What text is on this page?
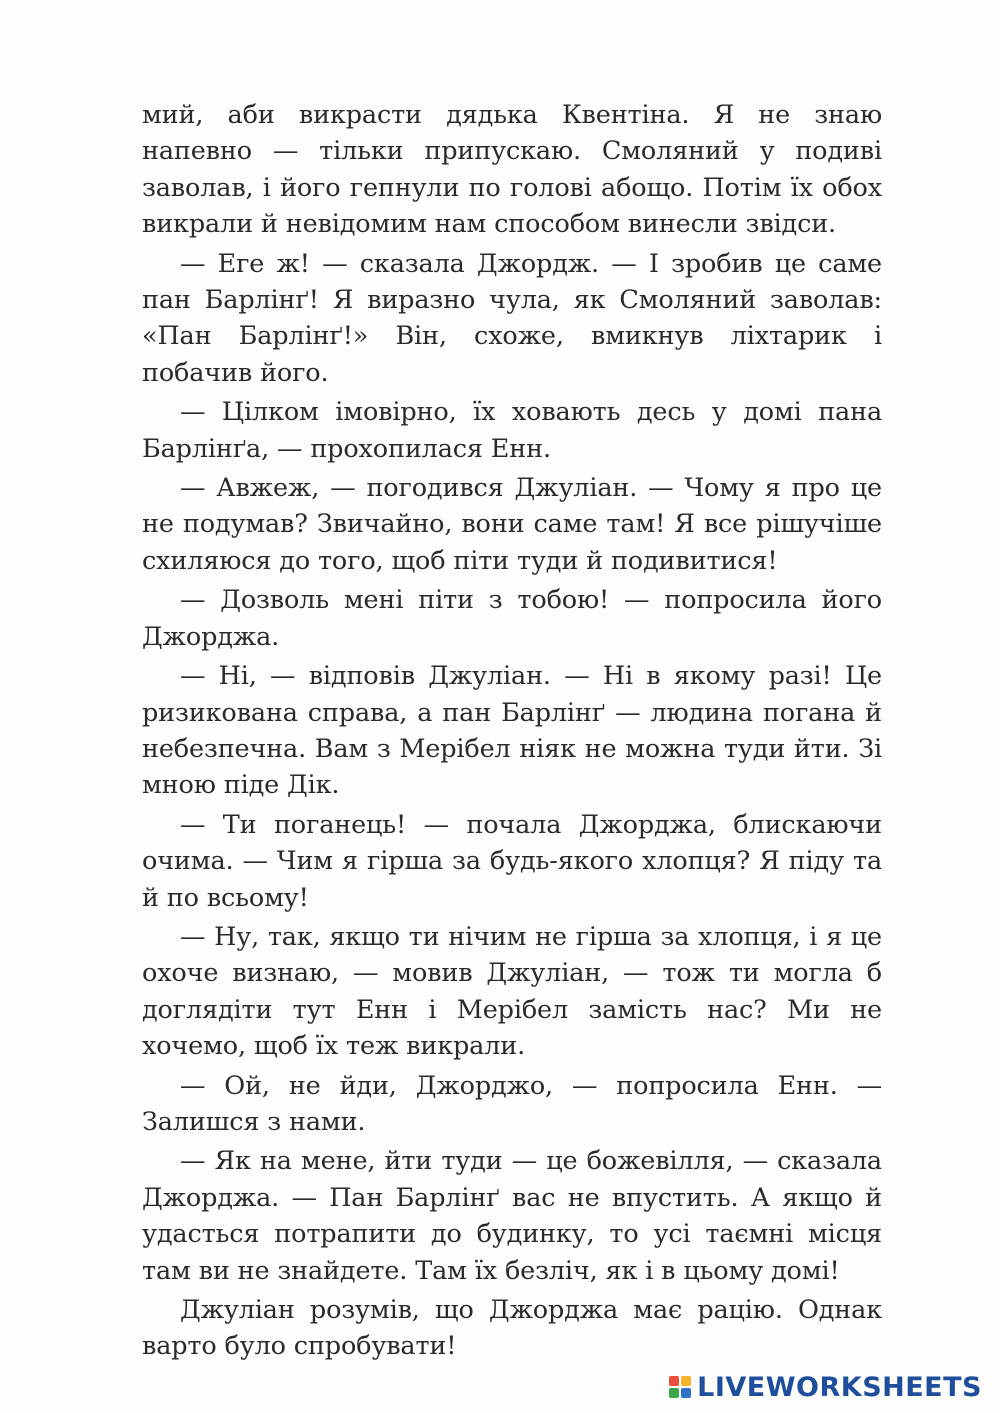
мий, аби викрасти дядька Квентіна. Я не знаю напевно — тільки припускаю. Смоляний у подиві заволав, і його гепнули по голові абощо. Потім їх обох викрали й невідомим нам способом винесли звідси.

— Еге ж! — сказала Джордж. — І зробив це саме пан Барлінґ! Я виразно чула, як Смоляний заволав: «Пан Барлінґ!» Він, схоже, вмикнув ліхтарик і побачив його.

— Цілком імовірно, їх ховають десь у домі пана Барлінґа, — прохопилася Енн.

— Авжеж, — погодився Джуліан. — Чому я про це не подумав? Звичайно, вони саме там! Я все рішучіше схиляюся до того, щоб піти туди й подивитися!

— Дозволь мені піти з тобою! — попросила його Джорджа.

— Ні, — відповів Джуліан. — Ні в якому разі! Це ризикована справа, а пан Барлінґ — людина погана й небезпечна. Вам з Мерібел ніяк не можна туди йти. Зі мною піде Дік.

— Ти поганець! — почала Джорджа, блискаючи очима. — Чим я гірша за будь-якого хлопця? Я піду та й по всьому!

— Ну, так, якщо ти нічим не гірша за хлопця, і я це охоче визнаю, — мовив Джуліан, — тож ти могла б доглядіти тут Енн і Мерібел замість нас? Ми не хочемо, щоб їх теж викрали.

— Ой, не йди, Джорджо, — попросила Енн. — Залишся з нами.

— Як на мене, йти туди — це божевілля, — сказала Джорджа. — Пан Барлінґ вас не впустить. А якщо й удасться потрапити до будинку, то усі таємні місця там ви не знайдете. Там їх безліч, як і в цьому домі!

Джуліан розумів, що Джорджа має рацію. Однак варто було спробувати!

LIVEWORKSHEETS
